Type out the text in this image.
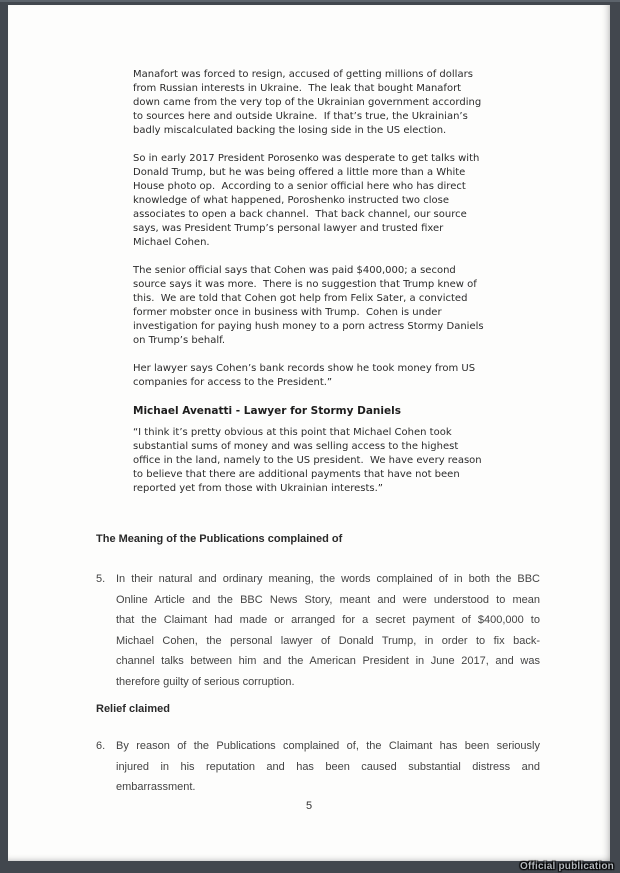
Manafort was forced to resign, accused of getting millions of dollars
from Russian interests in Ukraine.  The leak that bought Manafort
down came from the very top of the Ukrainian government according
to sources here and outside Ukraine.  If that’s true, the Ukrainian’s
badly miscalculated backing the losing side in the US election.
So in early 2017 President Porosenko was desperate to get talks with
Donald Trump, but he was being offered a little more than a White
House photo op.  According to a senior official here who has direct
knowledge of what happened, Poroshenko instructed two close
associates to open a back channel.  That back channel, our source
says, was President Trump’s personal lawyer and trusted fixer
Michael Cohen.
The senior official says that Cohen was paid $400,000; a second
source says it was more.  There is no suggestion that Trump knew of
this.  We are told that Cohen got help from Felix Sater, a convicted
former mobster once in business with Trump.  Cohen is under
investigation for paying hush money to a porn actress Stormy Daniels
on Trump’s behalf.
Her lawyer says Cohen’s bank records show he took money from US
companies for access to the President.”
Michael Avenatti - Lawyer for Stormy Daniels
“I think it’s pretty obvious at this point that Michael Cohen took
substantial sums of money and was selling access to the highest
office in the land, namely to the US president.  We have every reason
to believe that there are additional payments that have not been
reported yet from those with Ukrainian interests.”
The Meaning of the Publications complained of
5. In their natural and ordinary meaning, the words complained of in both the BBC
Online Article and the BBC News Story, meant and were understood to mean
that the Claimant had made or arranged for a secret payment of $400,000 to
Michael Cohen, the personal lawyer of Donald Trump, in order to fix back-
channel talks between him and the American President in June 2017, and was
therefore guilty of serious corruption.
Relief claimed
6. By reason of the Publications complained of, the Claimant has been seriously
injured in his reputation and has been caused substantial distress and
embarrassment.
5
Official publication
